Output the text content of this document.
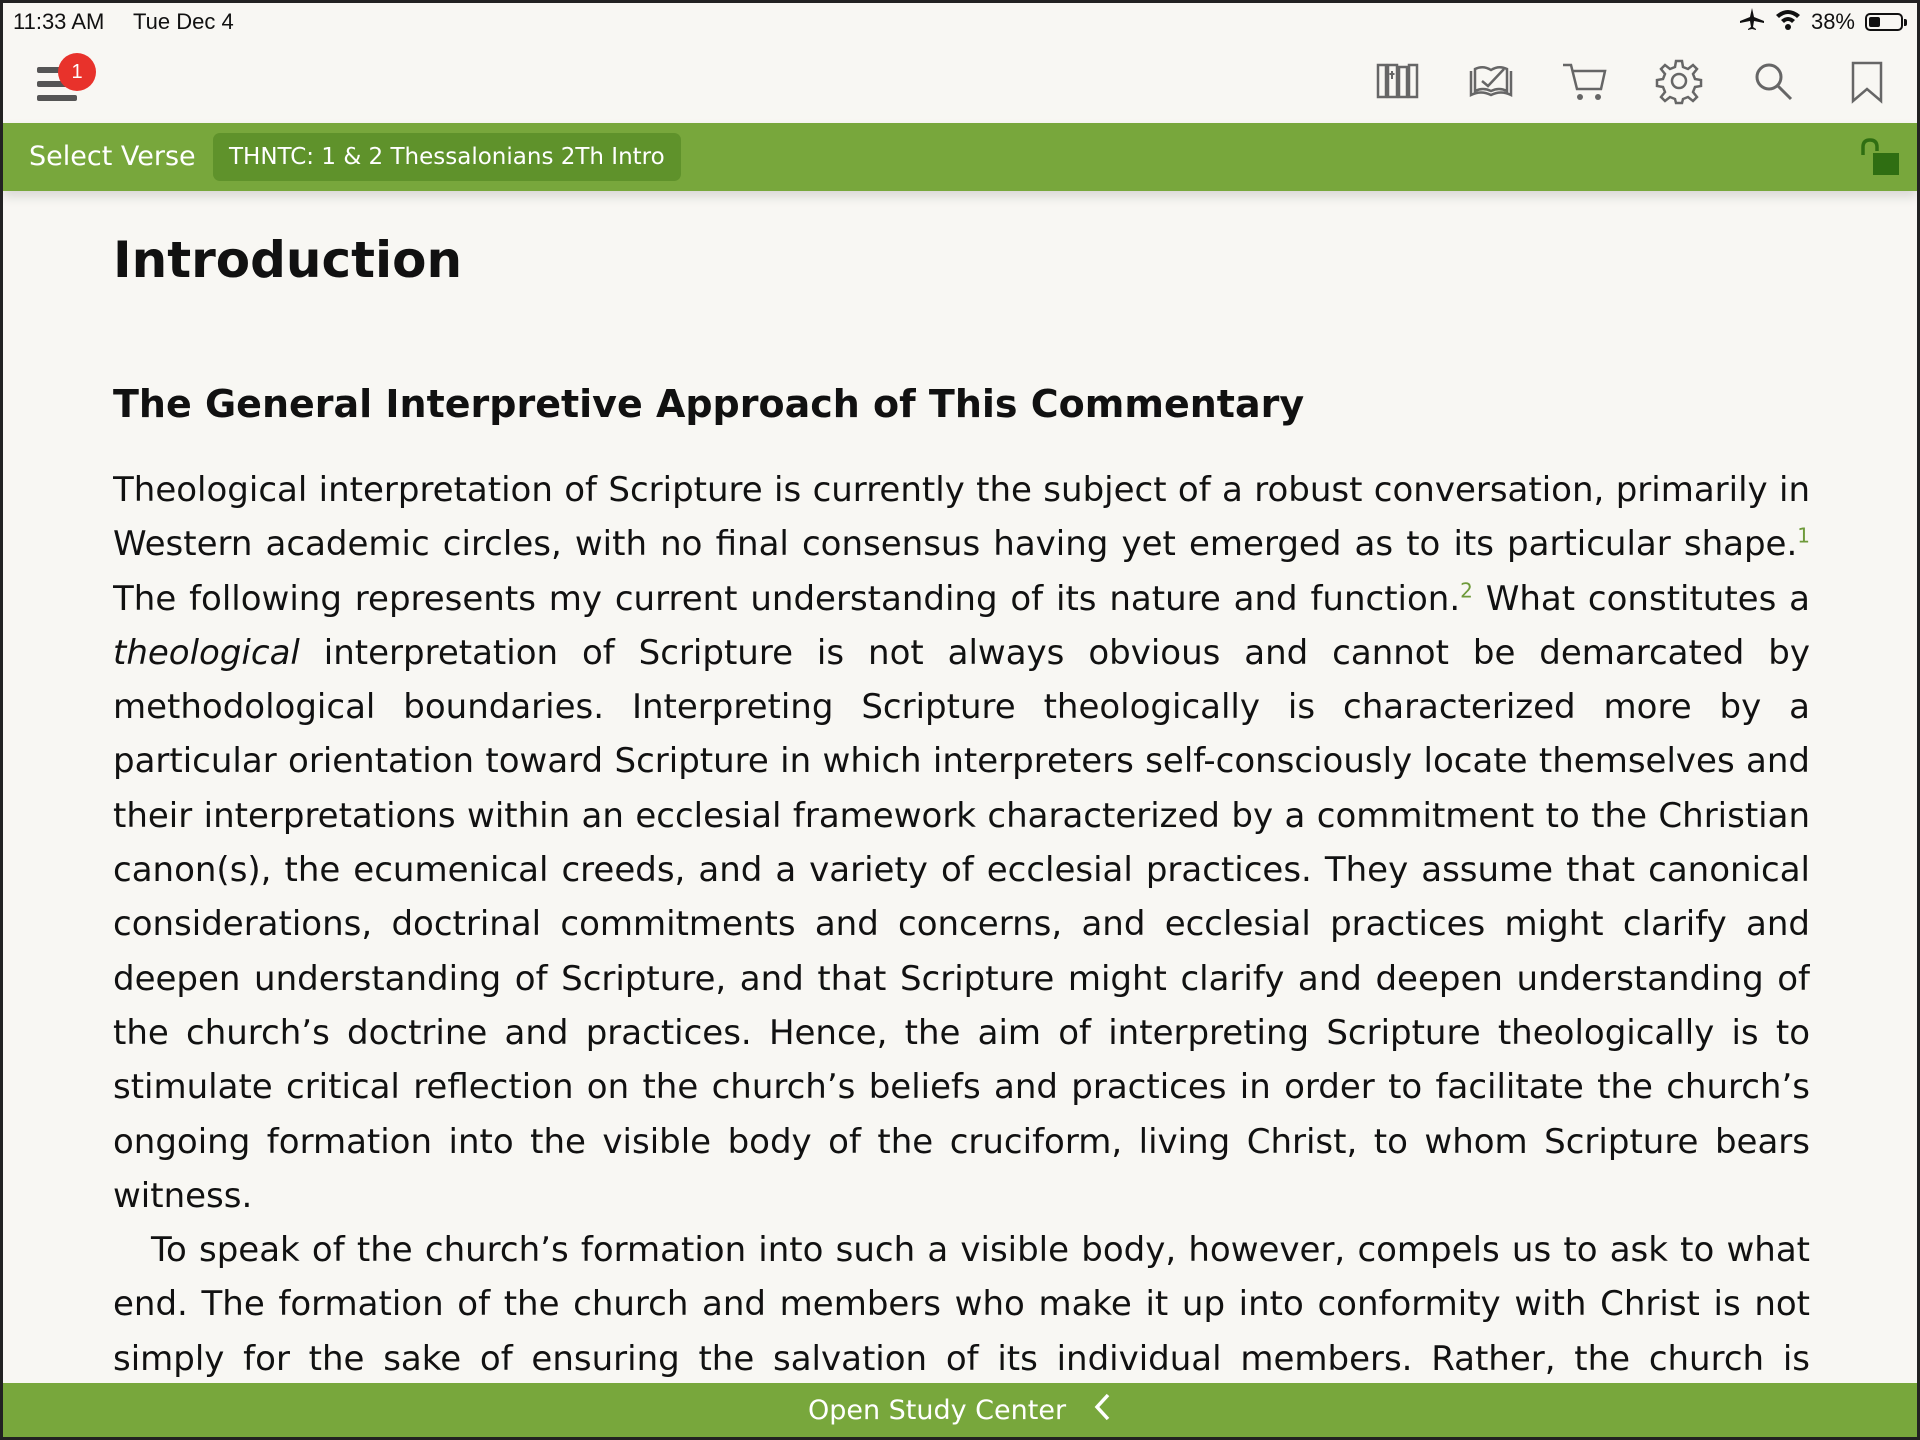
11:33 AM Tue Dec 4	38%
1
Select Verse	THNTC: 1 & 2 Thessalonians 2Th Intro
Introduction
The General Interpretive Approach of This Commentary

Theological interpretation of Scripture is currently the subject of a robust conversation, primarily in Western academic circles, with no final consensus having yet emerged as to its particular shape.$^1$ The following represents my current understanding of its nature and function.$^2$ What constitutes a theological interpretation of Scripture is not always obvious and cannot be demarcated by methodological boundaries. Interpreting Scripture theologically is characterized more by a particular orientation toward Scripture in which interpreters self-consciously locate themselves and their interpretations within an ecclesial framework characterized by a commitment to the Christian canon(s), the ecumenical creeds, and a variety of ecclesial practices. They assume that canonical considerations, doctrinal commitments and concerns, and ecclesial practices might clarify and deepen understanding of Scripture, and that Scripture might clarify and deepen understanding of the church’s doctrine and practices. Hence, the aim of interpreting Scripture theologically is to stimulate critical reflection on the church’s beliefs and practices in order to facilitate the church’s ongoing formation into the visible body of the cruciform, living Christ, to whom Scripture bears witness.

To speak of the church’s formation into such a visible body, however, compels us to ask to what end. The formation of the church and members who make it up into conformity with Christ is not simply for the sake of ensuring the salvation of its individual members. Rather, the church is

Open Study Center
